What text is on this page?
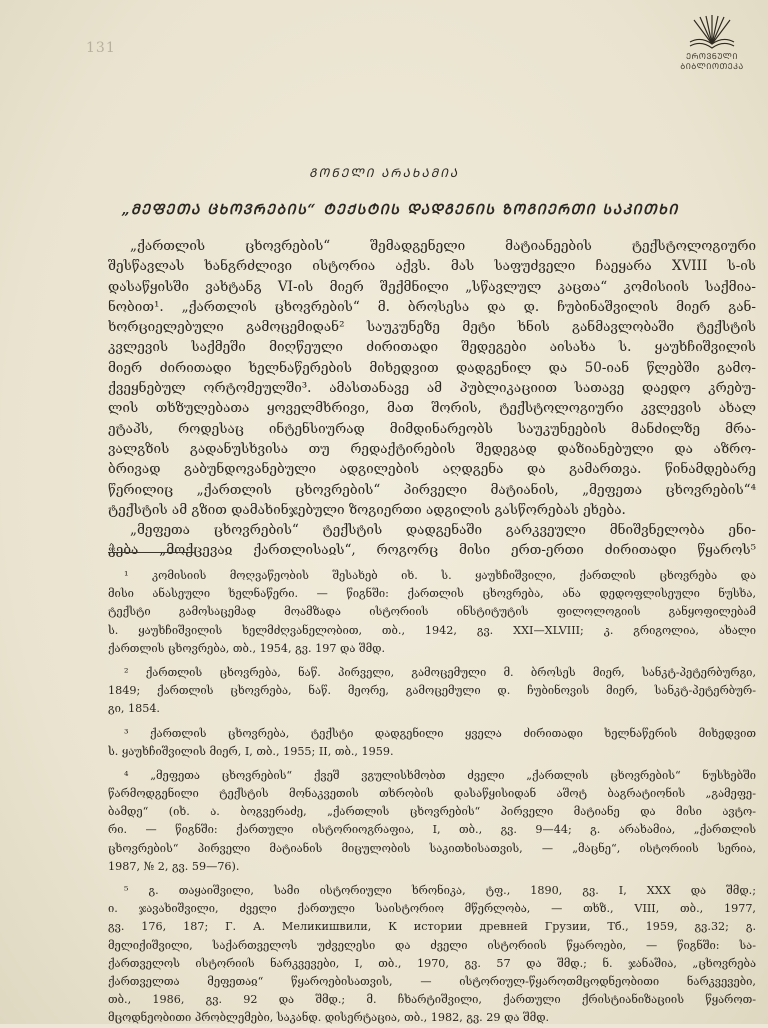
131
ᲔᲠᲝᲕᲜᲣᲚᲘ
ᲑᲘᲑᲚᲘᲝᲗᲔᲙᲐ
ᲒᲝᲜᲔᲚᲘ ᲐᲠᲐᲮᲐᲛᲘᲐ
„ᲛᲔᲤᲔᲗᲐ ᲪᲮᲝᲕᲠᲔᲑᲘᲡ“ ᲢᲔᲥᲡᲢᲘᲡ ᲓᲐᲓᲒᲔᲜᲘᲡ ᲖᲝᲒᲘᲔᲠᲗᲘ ᲡᲐᲙᲘᲗᲮᲘ
„ქართლის ცხოვრების“ შემადგენელი მატიანეების ტექსტოლოგიური
შესწავლას ხანგრძლივი ისტორია აქვს. მას საფუძველი ჩაეყარა XVIII ს-ის
დასაწყისში ვახტანგ VI-ის მიერ შექმნილი „სწავლულ კაცთა“ კომისიის საქმია-
ნობით¹. „ქართლის ცხოვრების“ მ. ბროსესა და დ. ჩუბინაშვილის მიერ გან-
ხორციელებული გამოცემიდან² საუკუნეზე მეტი ხნის განმავლობაში ტექსტის
კვლევის საქმეში მიღწეული ძირითადი შედეგები აისახა ს. ყაუხჩიშვილის
მიერ ძირითადი ხელნაწერების მიხედვით დადგენილ და 50-იან წლებში გამო-
ქვეყნებულ ორტომეულში³. ამასთანავე ამ პუბლიკაციით სათავე დაედო კრებუ-
ლის თხზულებათა ყოველმხრივი, მათ შორის, ტექსტოლოგიური კვლევის ახალ
ეტაპს, როდესაც ინტენსიურად მიმდინარეობს საუკუნეების მანძილზე მრა-
ვალგზის გადანუსხვისა თუ რედაქტირების შედეგად დაზიანებული და აზრო-
ბრივად გაბუნდოვანებული ადგილების აღდგენა და გამართვა. წინამდებარე
წერილიც „ქართლის ცხოვრების“ პირველი მატიანის, „მეფეთა ცხოვრების“⁴
ტექსტის ამ გზით დამახინჯებული ზოგიერთი ადგილის გასწორებას ეხება.
„მეფეთა ცხოვრების“ ტექსტის დადგენაში გარკვეული მნიშვნელობა ენი-
ჭება „მოქცევაჲ ქართლისაჲს“, როგორც მისი ერთ-ერთი ძირითადი წყაროს⁵
¹ კომისიის მოღვაწეობის შესახებ იხ. ს. ყაუხჩიშვილი, ქართლის ცხოვრება და
მისი ანასეული ხელნაწერი. — წიგნში: ქართლის ცხოვრება, ანა დედოფლისეული ნუსხა,
ტექსტი გამოსაცემად მოამზადა ისტორიის ინსტიტუტის ფილოლოგიის განყოფილებამ
ს. ყაუხჩიშვილის ხელმძღვანელობით, თბ., 1942, გვ. XXI—XLVIII; კ. გრიგოლია, ახალი
ქართლის ცხოვრება, თბ., 1954, გვ. 197 და შმდ.
² ქართლის ცხოვრება, ნაწ. პირველი, გამოცემული მ. ბროსეს მიერ, სანკტ-პეტერბურგი,
1849; ქართლის ცხოვრება, ნაწ. მეორე, გამოცემული დ. ჩუბინოვის მიერ, სანკტ-პეტერბურ-
გი, 1854.
³ ქართლის ცხოვრება, ტექსტი დადგენილი ყველა ძირითადი ხელნაწერის მიხედვით
ს. ყაუხჩიშვილის მიერ, I, თბ., 1955; II, თბ., 1959.
⁴ „მეფეთა ცხოვრების“ ქვეშ ვგულისხმობთ ძველი „ქართლის ცხოვრების“ ნუსხებში
წარმოდგენილი ტექსტის მონაკვეთის თხრობის დასაწყისიდან აშოტ ბაგრატიონის „გამეფე-
ბამდე“ (იხ. ა. ბოგვერაძე, „ქართლის ცხოვრების“ პირველი მატიანე და მისი ავტო-
რი. — წიგნში: ქართული ისტორიოგრაფია, I, თბ., გვ. 9—44; გ. არახამია, „ქართლის
ცხოვრების“ პირველი მატიანის მიცულობის საკითხისათვის, — „მაცნე“, ისტორიის სერია,
1987, № 2, გვ. 59—76).
⁵ გ. თაყაიშვილი, სამი ისტორიული ხრონიკა, ტფ., 1890, გვ. I, XXX და შმდ.;
ი. ჯავახიშვილი, ძველი ქართული საისტორიო მწერლობა, — თხზ., VIII, თბ., 1977,
გვ. 176, 187; Г. А. Меликишвили, К истории древней Грузии, Тб., 1959, გვ.32; გ.
მელიქიშვილი, საქართველოს უძველესი და ძველი ისტორიის წყაროები, — წიგნში: სა-
ქართველოს ისტორიის ნარკვევები, I, თბ., 1970, გვ. 57 და შმდ.; ნ. ჯანაშია, „ცხოვრება
ქართველთა მეფეთაჲ“ წყაროებისათვის, — ისტორიულ-წყაროთმცოდნეობითი ნარკვევები,
თბ., 1986, გვ. 92 და შმდ.; მ. ჩხარტიშვილი, ქართული ქრისტიანიზაციის წყაროთ-
მცოდნეობითი პრობლემები, საკანდ. დისერტაცია, თბ., 1982, გვ. 29 და შმდ.
